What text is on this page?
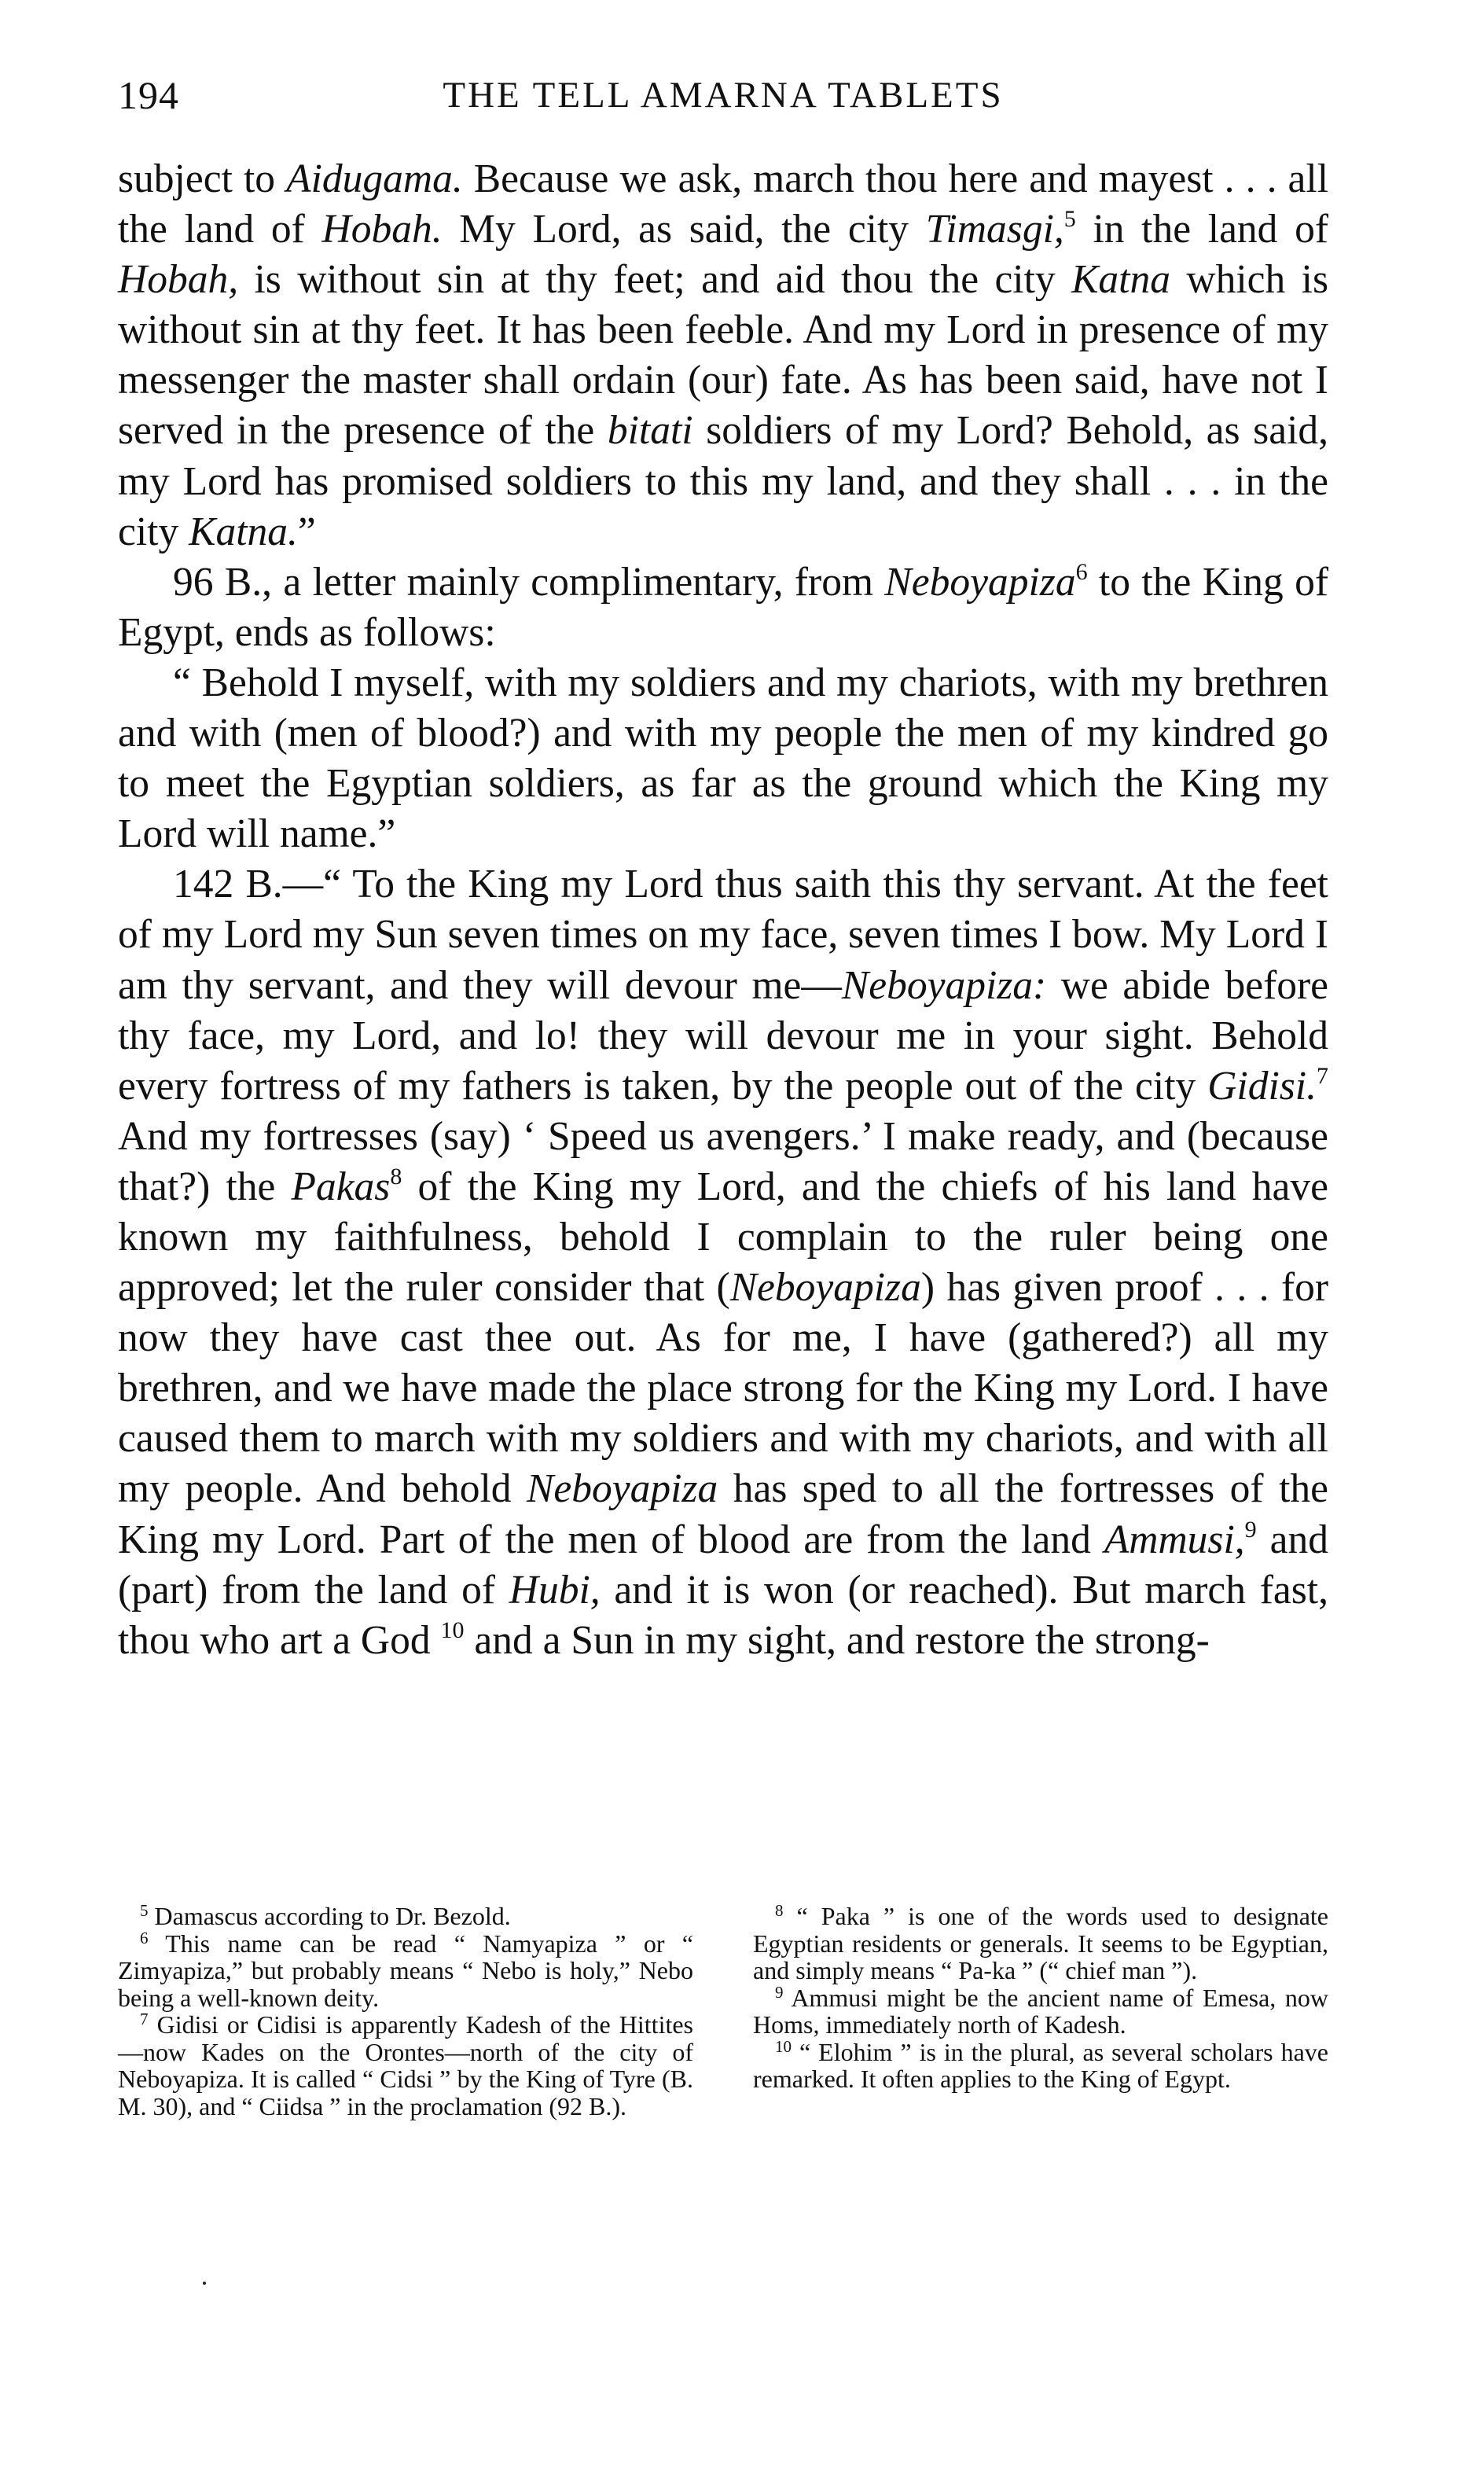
194	THE TELL AMARNA TABLETS

subject to Aidugama. Because we ask, march thou here and mayest . . . all the land of Hobah. My Lord, as said, the city Timasgi,$^5$ in the land of Hobah, is without sin at thy feet; and aid thou the city Katna which is without sin at thy feet. It has been feeble. And my Lord in presence of my messenger the master shall ordain (our) fate. As has been said, have not I served in the presence of the bitati soldiers of my Lord? Behold, as said, my Lord has promised soldiers to this my land, and they shall . . . in the city Katna.”

96 B., a letter mainly complimentary, from Neboyapiza$^6$ to the King of Egypt, ends as follows:

“ Behold I myself, with my soldiers and my chariots, with my brethren and with (men of blood?) and with my people the men of my kindred go to meet the Egyptian soldiers, as far as the ground which the King my Lord will name.”

142 B.—“ To the King my Lord thus saith this thy servant. At the feet of my Lord my Sun seven times on my face, seven times I bow. My Lord I am thy servant, and they will devour me—Neboyapiza: we abide before thy face, my Lord, and lo! they will devour me in your sight. Behold every fortress of my fathers is taken, by the people out of the city Gidisi.$^7$ And my fortresses (say) ‘ Speed us avengers.’ I make ready, and (because that?) the Pakas$^8$ of the King my Lord, and the chiefs of his land have known my faithfulness, behold I complain to the ruler being one approved; let the ruler consider that (Neboyapiza) has given proof . . . for now they have cast thee out. As for me, I have (gathered?) all my brethren, and we have made the place strong for the King my Lord. I have caused them to march with my soldiers and with my chariots, and with all my people. And behold Neboyapiza has sped to all the fortresses of the King my Lord. Part of the men of blood are from the land Ammusi,$^9$ and (part) from the land of Hubi, and it is won (or reached). But march fast, thou who art a God $^{10}$ and a Sun in my sight, and restore the strong-

$^5$ Damascus according to Dr. Bezold.

$^6$ This name can be read “ Namyapiza ” or “ Zimyapiza,” but probably means “ Nebo is holy,” Nebo being a well-known deity.

$^7$ Gidisi or Cidisi is apparently Kadesh of the Hittites—now Kades on the Orontes—north of the city of Neboyapiza. It is called “ Cidsi ” by the King of Tyre (B. M. 30), and “ Ciidsa ” in the proclamation (92 B.).

$^8$ “ Paka ” is one of the words used to designate Egyptian residents or generals. It seems to be Egyptian, and simply means “ Pa-ka ” (“ chief man ”).

$^9$ Ammusi might be the ancient name of Emesa, now Homs, immediately north of Kadesh.

$^{10}$ “ Elohim ” is in the plural, as several scholars have remarked. It often applies to the King of Egypt.
